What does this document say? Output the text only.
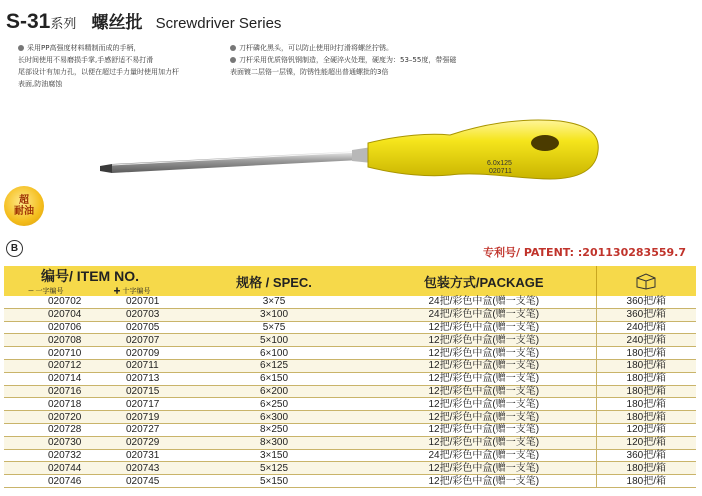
S-31系列 螺丝批 Screwdriver Series
采用PP高强度材料精制而成的手柄，
长时间使用不易磨损手掌,手感舒适不易打滑
尾部设计有加力孔，以便在超过手力量时使用加力杆
表面,防油腐蚀
刀杆磷化黑头，可以防止使用时打滑将螺丝拧锈。
刀杆采用优质铬钒钢制造，全硬淬火处理，硬度为：53–55度，带强磁
表面镀二层铬一层镍，防锈性能超出普通螺批的3倍
6.0x125
020711
超
耐油
B	专利号/ PATENT: :201130283559.7
编号/ ITEM NO.		规格 / SPEC.	包装方式/PACKAGE	
─ 一字编号	✚ 十字编号			
020702	020701	3×75	24把/彩色中盒(赠一支笔)	360把/箱
020704	020703	3×100	24把/彩色中盒(赠一支笔)	360把/箱
020706	020705	5×75	12把/彩色中盒(赠一支笔)	240把/箱
020708	020707	5×100	12把/彩色中盒(赠一支笔)	240把/箱
020710	020709	6×100	12把/彩色中盒(赠一支笔)	180把/箱
020712	020711	6×125	12把/彩色中盒(赠一支笔)	180把/箱
020714	020713	6×150	12把/彩色中盒(赠一支笔)	180把/箱
020716	020715	6×200	12把/彩色中盒(赠一支笔)	180把/箱
020718	020717	6×250	12把/彩色中盒(赠一支笔)	180把/箱
020720	020719	6×300	12把/彩色中盒(赠一支笔)	180把/箱
020728	020727	8×250	12把/彩色中盒(赠一支笔)	120把/箱
020730	020729	8×300	12把/彩色中盒(赠一支笔)	120把/箱
020732	020731	3×150	24把/彩色中盒(赠一支笔)	360把/箱
020744	020743	5×125	12把/彩色中盒(赠一支笔)	180把/箱
020746	020745	5×150	12把/彩色中盒(赠一支笔)	180把/箱
